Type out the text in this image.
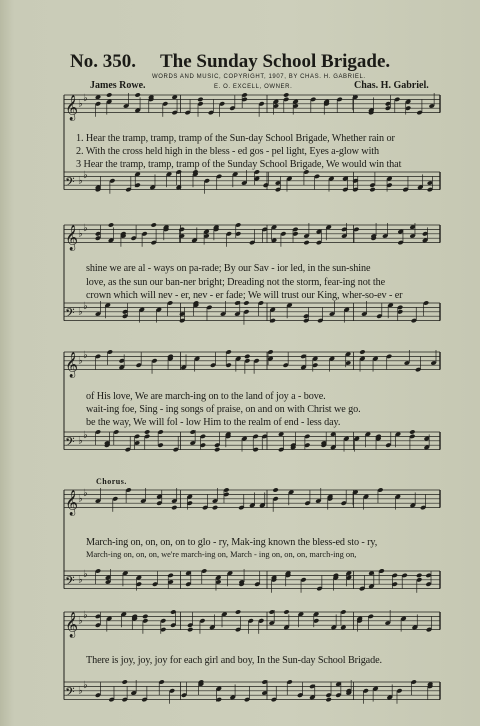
𝄞 ♭ ♭
𝄢 ♭ ♭
𝄞 ♭ ♭
𝄢 ♭ ♭
𝄞 ♭ ♭
𝄢 ♭ ♭
𝄞 ♭ ♭
𝄢 ♭ ♭
𝄞 ♭ ♭
𝄢 ♭ ♭
No. 350. The Sunday School Brigade.
WORDS AND MUSIC, COPYRIGHT, 1907, BY CHAS. H. GABRIEL.
E. O. EXCELL, OWNER.
James Rowe.	Chas. H. Gabriel.
1. Hear the tramp, tramp, tramp of the Sun-day School Brigade, Whether rain or
2. With the cross held high in the bless - ed gos - pel light, Eyes a-glow with
3 Hear the tramp, tramp, tramp of the Sunday School Brigade, We would win that
shine we are al - ways on pa-rade; By our Sav - ior led, in the sun-shine
love, as the sun our ban-ner bright; Dreading not the storm, fear-ing not the
crown which will nev - er, nev - er fade; We will trust our King, wher-so-ev - er
of His love, We are march-ing on to the land of joy a - bove.
wait-ing foe, Sing - ing songs of praise, on and on with Christ we go.
be the way, We will fol - low Him to the realm of end - less day.
Chorus.
March-ing on, on, on, on to glo - ry, Mak-ing known the bless-ed sto - ry,
March-ing on, on, on, we're march-ing on, March - ing on, on, on, march-ing on,
There is joy, joy, joy for each girl and boy, In the Sun-day School Brigade.
